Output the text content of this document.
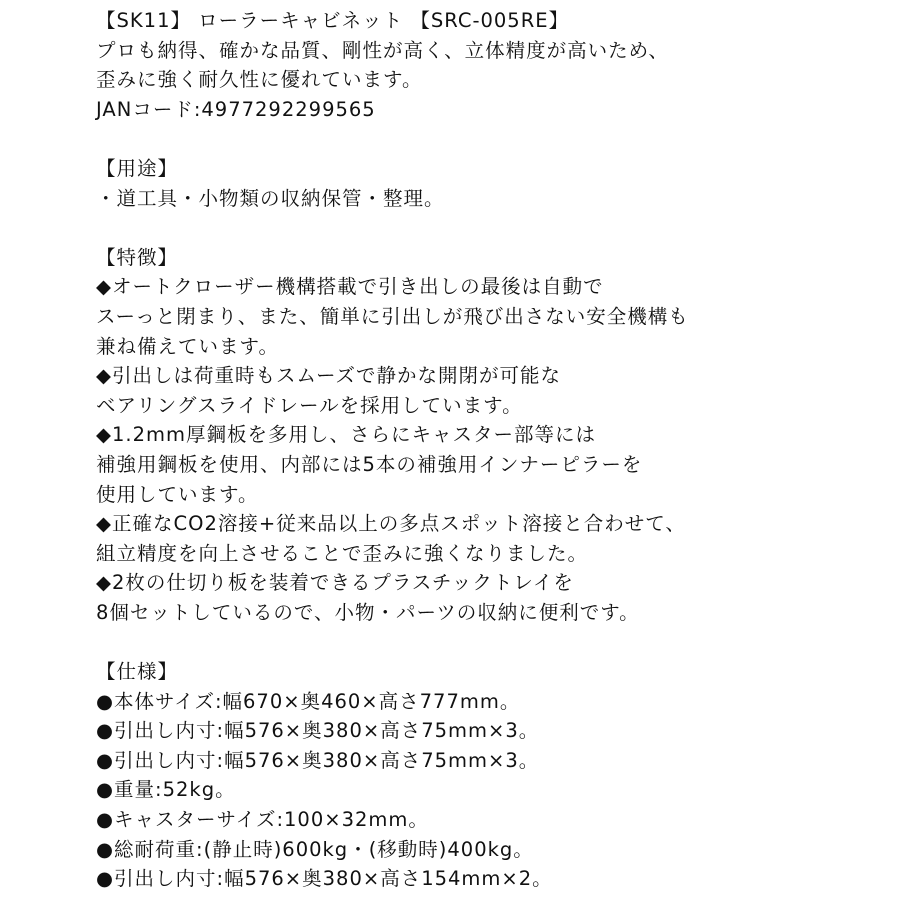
【SK11】 ローラーキャビネット 【SRC-005RE】
プロも納得、確かな品質、剛性が高く、立体精度が高いため、
歪みに強く耐久性に優れています。
JANコード:4977292299565
【用途】
・道工具・小物類の収納保管・整理。
【特徴】
◆オートクローザー機構搭載で引き出しの最後は自動で
スーっと閉まり、また、簡単に引出しが飛び出さない安全機構も
兼ね備えています。
◆引出しは荷重時もスムーズで静かな開閉が可能な
ベアリングスライドレールを採用しています。
◆1.2mm厚鋼板を多用し、さらにキャスター部等には
補強用鋼板を使用、内部には5本の補強用インナーピラーを
使用しています。
◆正確なCO2溶接+従来品以上の多点スポット溶接と合わせて、
組立精度を向上させることで歪みに強くなりました。
◆2枚の仕切り板を装着できるプラスチックトレイを
8個セットしているので、小物・パーツの収納に便利です。
【仕様】
●本体サイズ:幅670×奥460×高さ777mm。
●引出し内寸:幅576×奥380×高さ75mm×3。
●引出し内寸:幅576×奥380×高さ75mm×3。
●重量:52kg。
●キャスターサイズ:100×32mm。
●総耐荷重:(静止時)600kg・(移動時)400kg。
●引出し内寸:幅576×奥380×高さ154mm×2。
